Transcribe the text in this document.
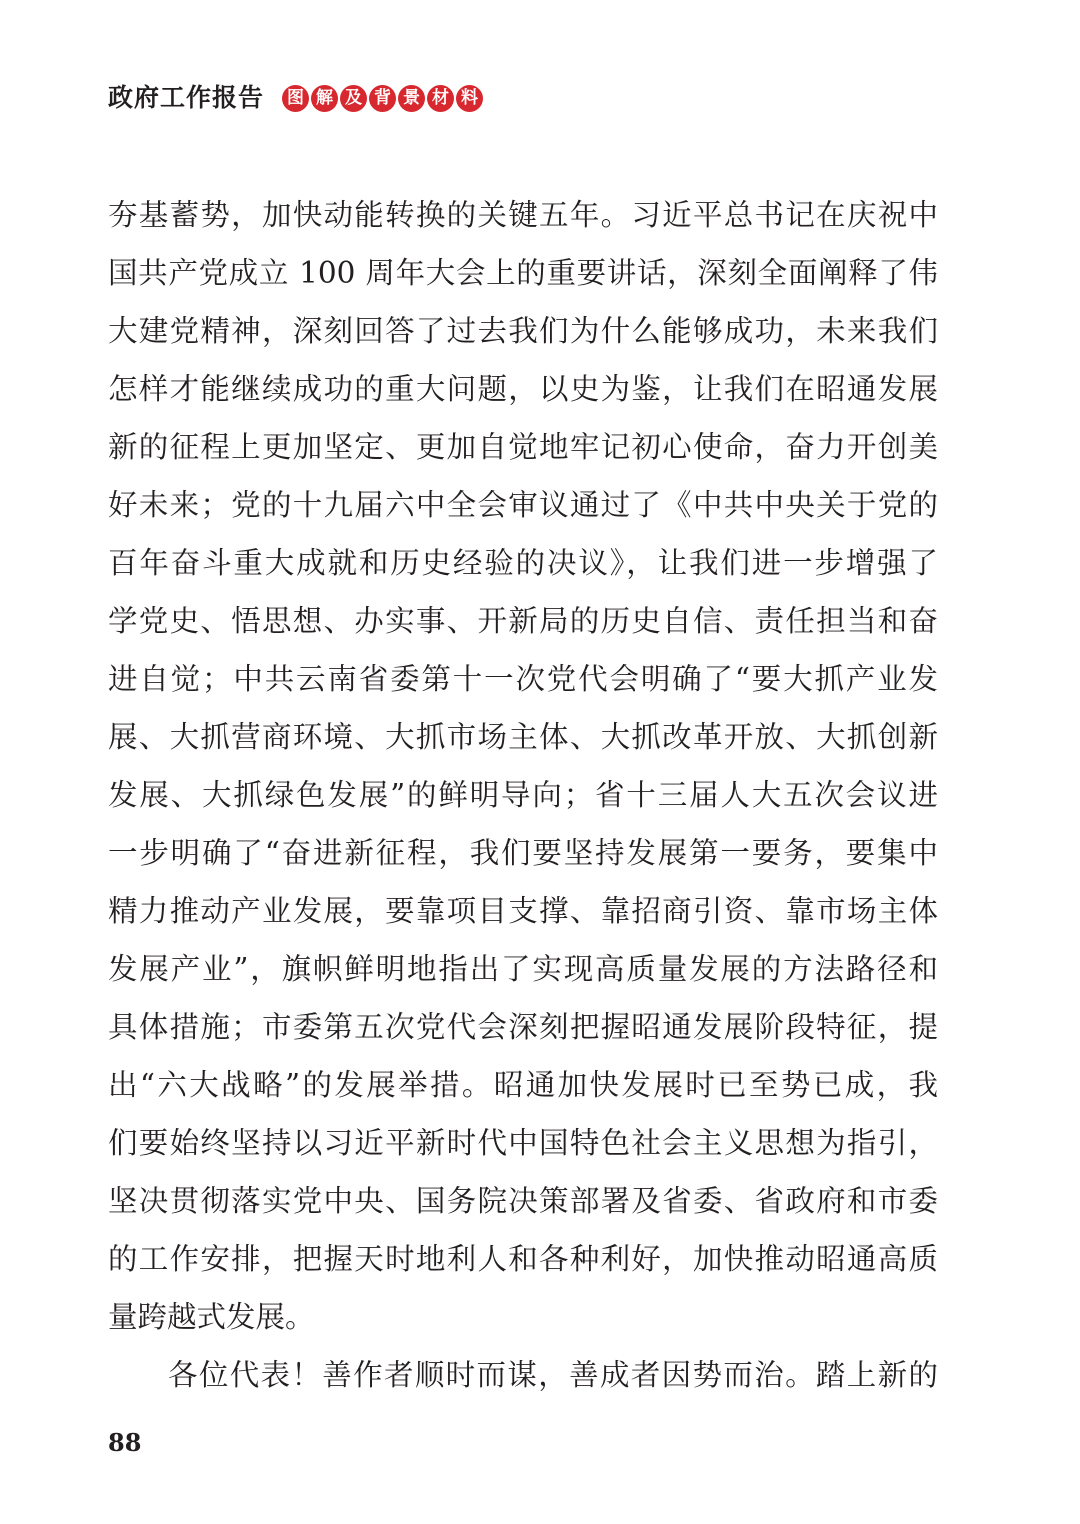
政府工作报告 图 解 及 背 景 材 料
夯基蓄势，加快动能转换的关键五年。习近平总书记在庆祝中
国共产党成立 100 周年大会上的重要讲话，深刻全面阐释了伟
大建党精神，深刻回答了过去我们为什么能够成功，未来我们
怎样才能继续成功的重大问题，以史为鉴，让我们在昭通发展
新的征程上更加坚定、更加自觉地牢记初心使命，奋力开创美
好未来；党的十九届六中全会审议通过了《中共中央关于党的
百年奋斗重大成就和历史经验的决议》，让我们进一步增强了
学党史、悟思想、办实事、开新局的历史自信、责任担当和奋
进自觉；中共云南省委第十一次党代会明确了“要大抓产业发
展、大抓营商环境、大抓市场主体、大抓改革开放、大抓创新
发展、大抓绿色发展”的鲜明导向；省十三届人大五次会议进
一步明确了“奋进新征程，我们要坚持发展第一要务，要集中
精力推动产业发展，要靠项目支撑、靠招商引资、靠市场主体
发展产业”，旗帜鲜明地指出了实现高质量发展的方法路径和
具体措施；市委第五次党代会深刻把握昭通发展阶段特征，提
出“六大战略”的发展举措。昭通加快发展时已至势已成，我
们要始终坚持以习近平新时代中国特色社会主义思想为指引，
坚决贯彻落实党中央、国务院决策部署及省委、省政府和市委
的工作安排，把握天时地利人和各种利好，加快推动昭通高质
量跨越式发展。
各位代表！善作者顺时而谋，善成者因势而治。踏上新的
88
